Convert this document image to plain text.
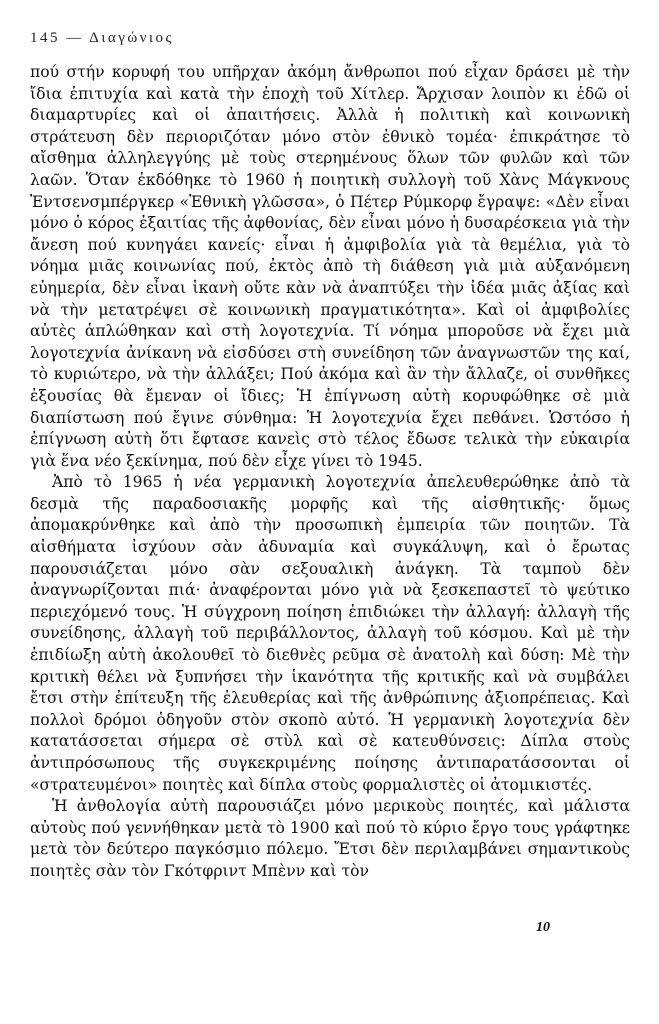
145 — Διαγώνιος

πού στήν κορυφή του υπῆρχαν ἀκόμη ἄνθρωποι πού εἶχαν δράσει μὲ τὴν ἴδια ἐπιτυχία καὶ κατὰ τὴν ἐποχὴ τοῦ Χίτλερ. Ἄρχισαν λοιπὸν κι ἐδῶ οἱ διαμαρτυρίες καὶ οἱ ἀπαιτήσεις. Ἀλλὰ ἡ πολιτικὴ καὶ κοινωνικὴ στράτευση δὲν περιοριζόταν μόνο στὸν ἐθνικὸ τομέα· ἐπικράτησε τὸ αἴσθημα ἀλληλεγγύης μὲ τοὺς στερημένους ὅλων τῶν φυλῶν καὶ τῶν λαῶν. Ὅταν ἐκδόθηκε τὸ 1960 ἡ ποιητικὴ συλλογὴ τοῦ Χὰνς Μάγκνους Ἐντσενσμπέργκερ «Ἐθνικὴ γλῶσσα», ὁ Πέτερ Ρύμκορφ ἔγραψε: «Δὲν εἶναι μόνο ὁ κόρος ἐξαιτίας τῆς ἀφθονίας, δὲν εἶναι μόνο ἡ δυσαρέσκεια γιὰ τὴν ἄνεση πού κυνηγάει κανείς· εἶναι ἡ ἀμφιβολία γιὰ τὰ θεμέλια, γιὰ τὸ νόημα μιᾶς κοινωνίας πού, ἐκτὸς ἀπὸ τὴ διάθεση γιὰ μιὰ αὐξανόμενη εὐημερία, δὲν εἶναι ἱκανὴ οὔτε κὰν νὰ ἀναπτύξει τὴν ἰδέα μιᾶς ἀξίας καὶ νὰ τὴν μετατρέψει σὲ κοινωνικὴ πραγματικότητα». Καὶ οἱ ἀμφιβολίες αὐτὲς ἁπλώθηκαν καὶ στὴ λογοτεχνία. Τί νόημα μποροῦσε νὰ ἔχει μιὰ λογοτεχνία ἀνίκανη νὰ εἰσδύσει στὴ συνείδηση τῶν ἀναγνωστῶν της καί, τὸ κυριώτερο, νὰ τὴν ἀλλάξει; Πού ἀκόμα καὶ ἂν τὴν ἄλλαζε, οἱ συνθῆκες ἐξουσίας θὰ ἔμεναν οἱ ἴδιες; Ἡ ἐπίγνωση αὐτὴ κορυφώθηκε σὲ μιὰ διαπίστωση πού ἔγινε σύνθημα: Ἡ λογοτεχνία ἔχει πεθάνει. Ὡστόσο ἡ ἐπίγνωση αὐτὴ ὅτι ἔφτασε κανεὶς στὸ τέλος ἔδωσε τελικὰ τὴν εὐκαιρία γιὰ ἕνα νέο ξεκίνημα, πού δὲν εἶχε γίνει τὸ 1945.

Ἀπὸ τὸ 1965 ἡ νέα γερμανικὴ λογοτεχνία ἀπελευθερώθηκε ἀπὸ τὰ δεσμὰ τῆς παραδοσιακῆς μορφῆς καὶ τῆς αἰσθητικῆς· ὅμως ἀπομακρύνθηκε καὶ ἀπὸ τὴν προσωπικὴ ἐμπειρία τῶν ποιητῶν. Τὰ αἰσθήματα ἰσχύουν σὰν ἀδυναμία καὶ συγκάλυψη, καὶ ὁ ἔρωτας παρουσιάζεται μόνο σὰν σεξουαλικὴ ἀνάγκη. Τὰ ταμποὺ δὲν ἀναγνωρίζονται πιά· ἀναφέρονται μόνο γιὰ νὰ ξεσκεπαστεῖ τὸ ψεύτικο περιεχόμενό τους. Ἡ σύγχρονη ποίηση ἐπιδιώκει τὴν ἀλλαγή: ἀλλαγὴ τῆς συνείδησης, ἀλλαγὴ τοῦ περιβάλλοντος, ἀλλαγὴ τοῦ κόσμου. Καὶ μὲ τὴν ἐπιδίωξη αὐτὴ ἀκολουθεῖ τὸ διεθνὲς ρεῦμα σὲ ἀνατολὴ καὶ δύση: Μὲ τὴν κριτικὴ θέλει νὰ ξυπνήσει τὴν ἱκανότητα τῆς κριτικῆς καὶ νὰ συμβάλει ἔτσι στὴν ἐπίτευξη τῆς ἐλευθερίας καὶ τῆς ἀνθρώπινης ἀξιοπρέπειας. Καὶ πολλοὶ δρόμοι ὁδηγοῦν στὸν σκοπὸ αὐτό. Ἡ γερμανικὴ λογοτεχνία δὲν κατατάσσεται σήμερα σὲ στὺλ καὶ σὲ κατευθύνσεις: Δίπλα στοὺς ἀντιπρόσωπους τῆς συγκεκριμένης ποίησης ἀντιπαρατάσσονται οἱ «στρατευμένοι» ποιητὲς καὶ δίπλα στοὺς φορμαλιστὲς οἱ ἀτομικιστές.

Ἡ ἀνθολογία αὐτὴ παρουσιάζει μόνο μερικοὺς ποιητές, καὶ μάλιστα αὐτοὺς πού γεννήθηκαν μετὰ τὸ 1900 καὶ πού τὸ κύριο ἔργο τους γράφτηκε μετὰ τὸν δεύτερο παγκόσμιο πόλεμο. Ἔτσι δὲν περιλαμβάνει σημαντικοὺς ποιητὲς σὰν τὸν Γκότφριντ Μπὲνν καὶ τὸν

10
